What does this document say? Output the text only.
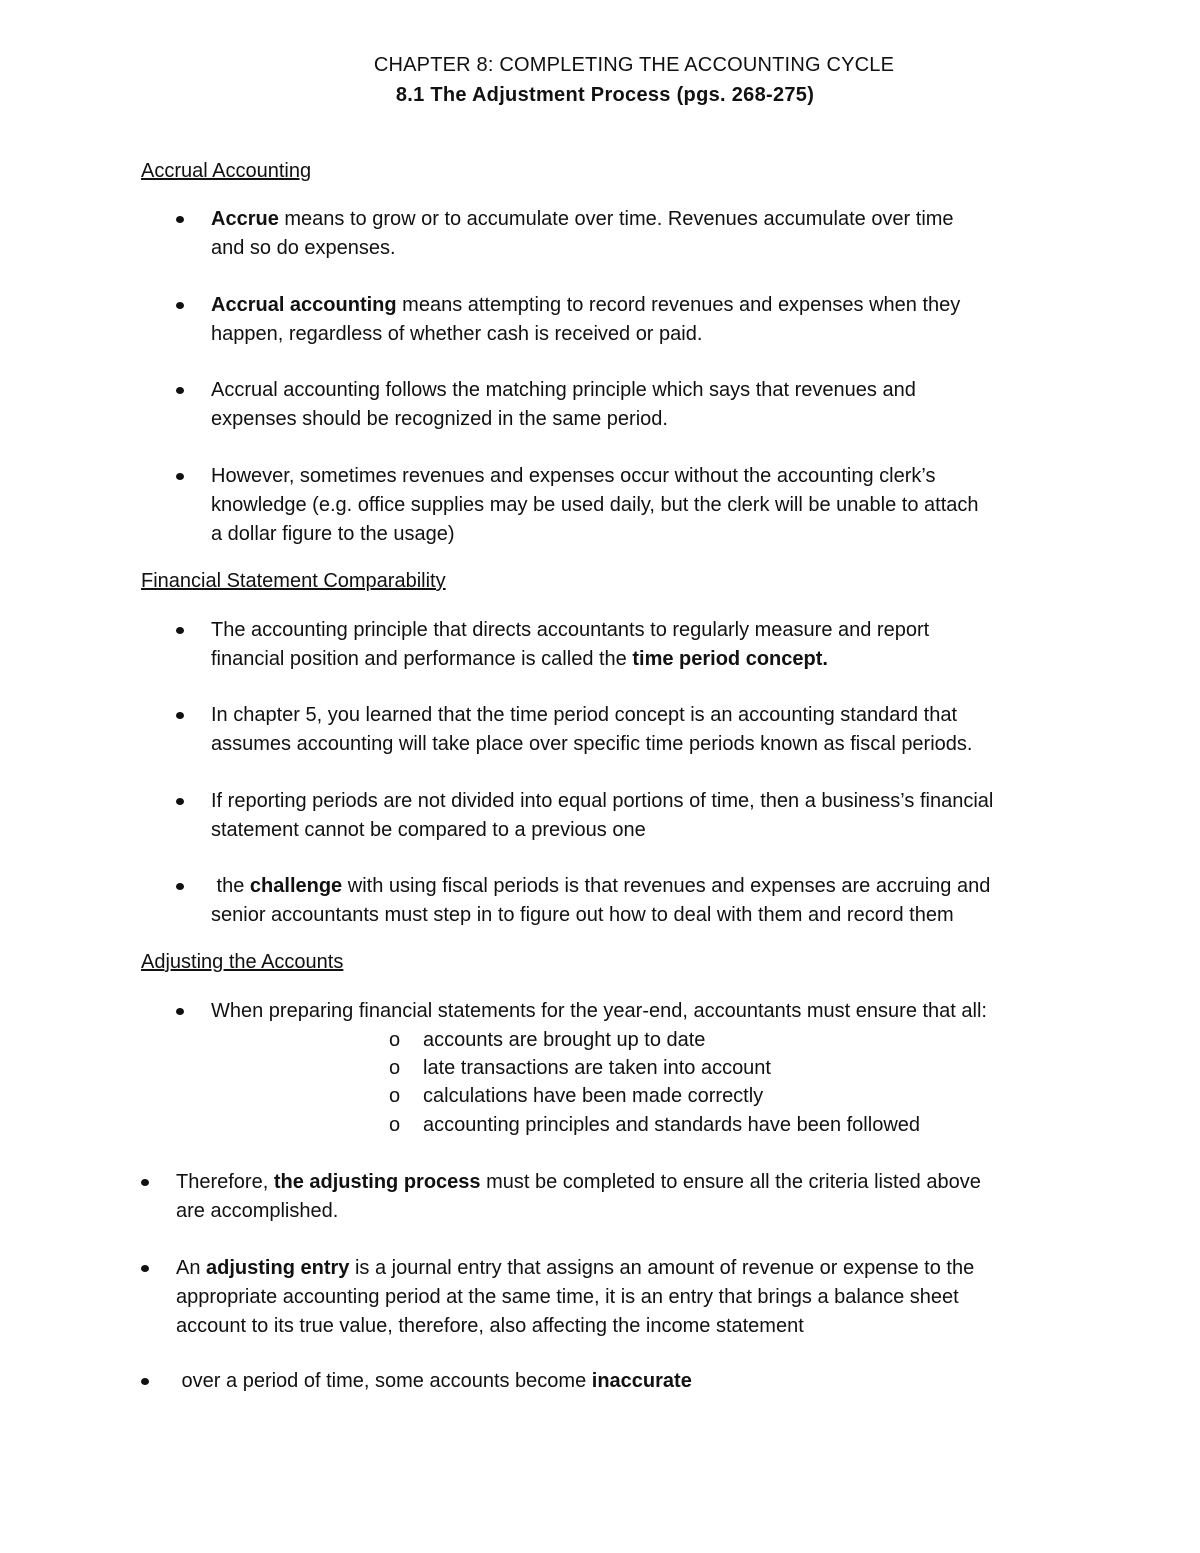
CHAPTER 8: COMPLETING THE ACCOUNTING CYCLE
8.1 The Adjustment Process (pgs. 268-275)
Accrual Accounting
Accrue means to grow or to accumulate over time. Revenues accumulate over time
and so do expenses.
Accrual accounting means attempting to record revenues and expenses when they
happen, regardless of whether cash is received or paid.
Accrual accounting follows the matching principle which says that revenues and
expenses should be recognized in the same period.
However, sometimes revenues and expenses occur without the accounting clerk’s
knowledge (e.g. office supplies may be used daily, but the clerk will be unable to attach
a dollar figure to the usage)
Financial Statement Comparability
The accounting principle that directs accountants to regularly measure and report
financial position and performance is called the time period concept.
In chapter 5, you learned that the time period concept is an accounting standard that
assumes accounting will take place over specific time periods known as fiscal periods.
If reporting periods are not divided into equal portions of time, then a business’s financial
statement cannot be compared to a previous one
the challenge with using fiscal periods is that revenues and expenses are accruing and
senior accountants must step in to figure out how to deal with them and record them
Adjusting the Accounts
When preparing financial statements for the year-end, accountants must ensure that all:
o accounts are brought up to date
o late transactions are taken into account
o calculations have been made correctly
o accounting principles and standards have been followed
Therefore, the adjusting process must be completed to ensure all the criteria listed above
are accomplished.
An adjusting entry is a journal entry that assigns an amount of revenue or expense to the
appropriate accounting period at the same time, it is an entry that brings a balance sheet
account to its true value, therefore, also affecting the income statement
over a period of time, some accounts become inaccurate
